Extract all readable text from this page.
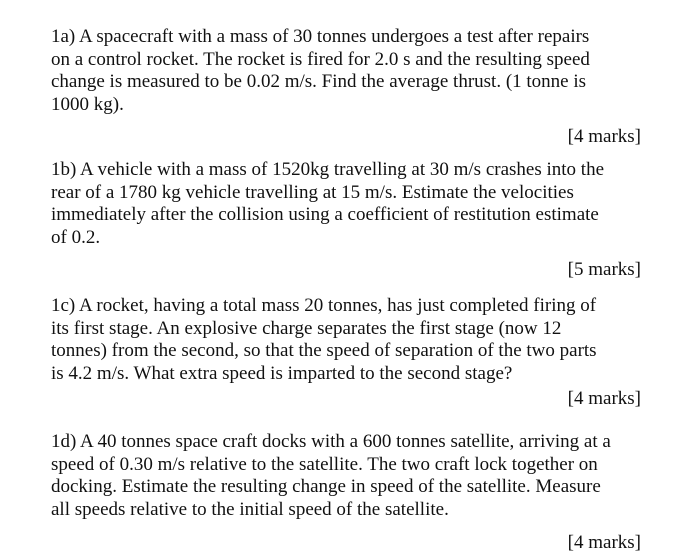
1a) A spacecraft with a mass of 30 tonnes undergoes a test after repairs
on a control rocket. The rocket is fired for 2.0 s and the resulting speed
change is measured to be 0.02 m/s. Find the average thrust. (1 tonne is
1000 kg).

[4 marks]

1b) A vehicle with a mass of 1520kg travelling at 30 m/s crashes into the
rear of a 1780 kg vehicle travelling at 15 m/s. Estimate the velocities
immediately after the collision using a coefficient of restitution estimate
of 0.2.

[5 marks]

1c) A rocket, having a total mass 20 tonnes, has just completed firing of
its first stage. An explosive charge separates the first stage (now 12
tonnes) from the second, so that the speed of separation of the two parts
is 4.2 m/s. What extra speed is imparted to the second stage?

[4 marks]

1d) A 40 tonnes space craft docks with a 600 tonnes satellite, arriving at a
speed of 0.30 m/s relative to the satellite. The two craft lock together on
docking. Estimate the resulting change in speed of the satellite. Measure
all speeds relative to the initial speed of the satellite.

[4 marks]
